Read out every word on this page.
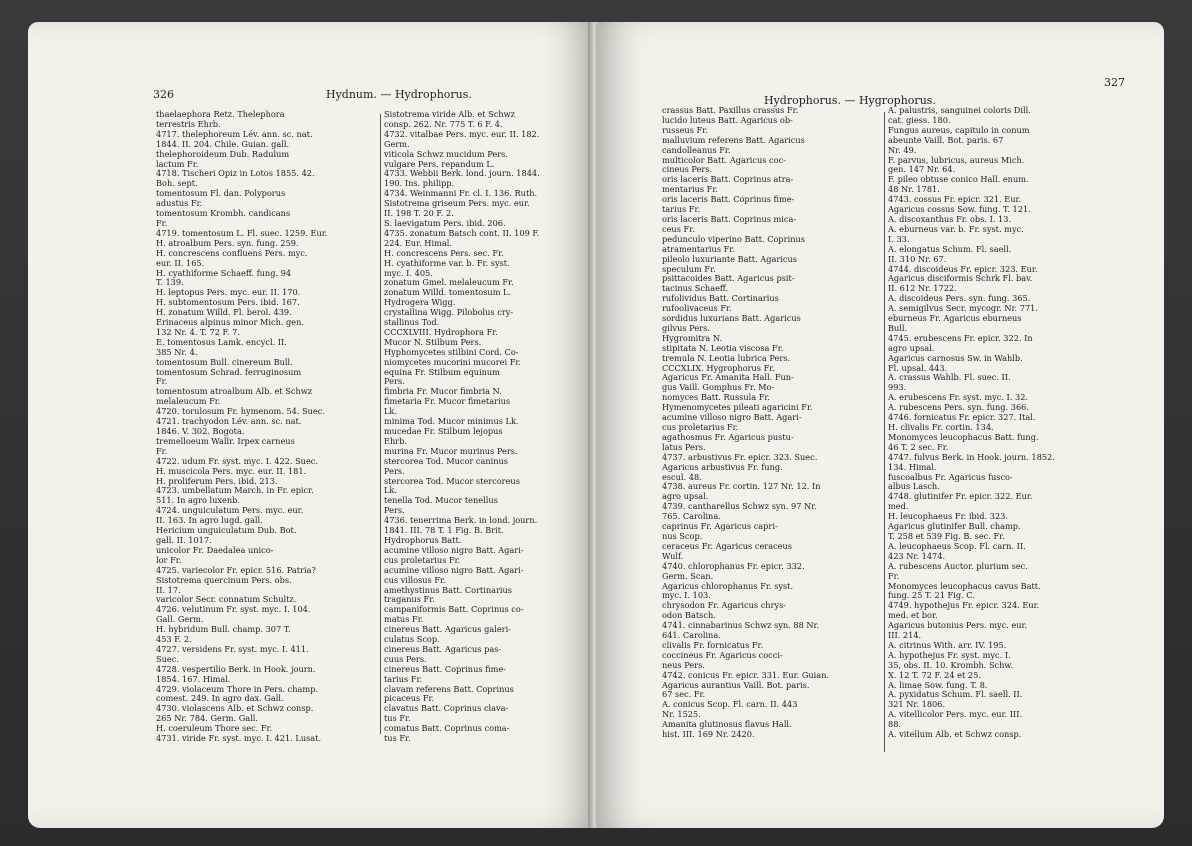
326	Hydnum. — Hydrophorus.
thaelaephora Retz. Thelephora
terrestris Ehrb.
4717. thelephoreum Lév. ann. sc. nat.
1844. II. 204. Chile. Guian. gall.
thelephoroideum Dub. Radulum
lactum Fr.
4718. Tischeri Opiz in Lotos 1855. 42.
Boh. sept.
tomentosum Fl. dan. Polyporus
adustus Fr.
tomentosum Krombh. candicans
Fr.
4719. tomentosum L. Fl. suec. 1259. Eur.
H. atroalbum Pers. syn. fung. 259.
H. concrescens confluens Pers. myc.
eur. II. 165.
H. cyathiforme Schaeff. fung. 94
T. 139.
H. leptopus Pers. myc. eur. II. 170.
H. subtomentosum Pers. ibid. 167.
H. zonatum Willd. Fl. berol. 439.
Erinaceus alpinus minor Mich. gen.
132 Nr. 4. T. 72 F. 7.
E. tomentosus Lamk. encycl. II.
385 Nr. 4.
tomentosum Bull. cinereum Bull.
tomentosum Schrad. ferruginosum
Fr.
tomentosum atroalbum Alb. et Schwz
melaleucum Fr.
4720. torulosum Fr. hymenom. 54. Suec.
4721. trachyodon Lév. ann. sc. nat.
1846. V. 302. Bogota.
tremelloeum Wallr. Irpex carneus
Fr.
4722. udum Fr. syst. myc. I. 422. Suec.
H. muscicola Pers. myc. eur. II. 181.
H. proliferum Pers. ibid. 213.
4723. umbellatum March. in Fr. epicr.
511. In agro luxenb.
4724. unguiculatum Pers. myc. eur.
II. 163. In agro lugd. gall.
Hericium unguiculatum Dub. Bot.
gall. II. 1017.
unicolor Fr. Daedalea unico-
lor Fr.
4725. variecolor Fr. epicr. 516. Patria?
Sistotrema quercinum Pers. obs.
II. 17.
varicolor Secr. connatum Schultz.
4726. velutinum Fr. syst. myc. I. 104.
Gall. Germ.
H. hybridum Bull. champ. 307 T.
453 F. 2.
4727. versidens Fr. syst. myc. I. 411.
Suec.
4728. vespertilio Berk. in Hook. journ.
1854. 167. Himal.
4729. violaceum Thore in Pers. champ.
comest. 249. In agro dax. Gall.
4730. violascens Alb. et Schwz consp.
265 Nr. 784. Germ. Gall.
H. coeruleum Thore sec. Fr.
4731. viride Fr. syst. myc. I. 421. Lusat.
Sistotrema viride Alb. et Schwz
consp. 262. Nr. 775 T. 6 F. 4.
4732. vitalbae Pers. myc. eur. II. 182.
Germ.
viticola Schwz mucidum Pers.
vulgare Pers. repandum L.
4733. Webbii Berk. lond. journ. 1844.
190. Ins. philipp.
4734. Weinmanni Fr. cl. I. 136. Ruth.
Sistotrema griseum Pers. myc. eur.
II. 198 T. 20 F. 2.
S. laevigatum Pers. ibid. 206.
4735. zonatum Batsch cont. II. 109 F.
224. Eur. Himal.
H. concrescens Pers. sec. Fr.
H. cyathiforme var. b. Fr. syst.
myc. I. 405.
zonatum Gmel. melaleucum Fr.
zonatum Willd. tomentosum L.
Hydrogera Wigg.
crystallina Wigg. Pilobolus cry-
stallinus Tod.
CCCXLVIII. Hydrophora Fr.
Mucor N. Stilbum Pers.
Hyphomycetes stilbini Cord. Co-
niomycetes mucorini mucorei Fr.
equina Fr. Stilbum equinum
Pers.
fimbria Fr. Mucor fimbria N.
fimetaria Fr. Mucor fimetarius
Lk.
minima Tod. Mucor minimus Lk.
mucedae Fr. Stilbum lejopus
Ehrb.
murina Fr. Mucor murinus Pers.
stercorea Tod. Mucor caninus
Pers.
stercorea Tod. Mucor stercoreus
Lk.
tenella Tod. Mucor tenellus
Pers.
4736. tenerrima Berk. in lond. journ.
1841. III. 78 T. 1 Fig. B. Brit.
Hydrophorus Batt.
acumine villoso nigro Batt. Agari-
cus proletarius Fr.
acumine villoso nigro Batt. Agari-
cus villosus Fr.
amethystinus Batt. Cortinarius
traganus Fr.
campaniformis Batt. Coprinus co-
matus Fr.
cinereus Batt. Agaricus galeri-
culatus Scop.
cinereus Batt. Agaricus pas-
cuus Pers.
cinereus Batt. Coprinus fime-
tarius Fr.
clavam referens Batt. Coprinus
picaceus Fr.
clavatus Batt. Coprinus clava-
tus Fr.
comatus Batt. Coprinus coma-
tus Fr.
Hydrophorus. — Hygrophorus.
327
crassus Batt. Paxillus crassus Fr.
lucido luteus Batt. Agaricus ob-
russeus Fr.
malluvium referens Batt. Agaricus
candolleanus Fr.
multicolor Batt. Agaricus coc-
cineus Pers.
oris laceris Batt. Coprinus atra-
mentarius Fr.
oris laceris Batt. Coprinus fime-
tarius Fr.
oris laceris Batt. Coprinus mica-
ceus Fr.
pedunculo viperino Batt. Coprinus
atramentarius Fr.
pileolo luxuriante Batt. Agaricus
speculum Fr.
psittacoides Batt. Agaricus psit-
tacinus Schaeff.
rufolividus Batt. Cortinarius
rufoolivaceus Fr.
sordidus luxurians Batt. Agaricus
gilvus Pers.
Hygromitra N.
stipitata N. Leotia viscosa Fr.
tremula N. Leotia lubrica Pers.
CCCXLIX. Hygrophorus Fr.
Agaricus Fr. Amanita Hall. Fun-
gus Vaill. Gomphus Fr. Mo-
nomyces Batt. Russula Fr.
Hymenomycetes pileati agaricini Fr.
acumine villoso nigro Batt. Agari-
cus proletarius Fr.
agathosmus Fr. Agaricus pustu-
latus Pers.
4737. arbustivus Fr. epicr. 323. Suec.
Agaricus arbustivus Fr. fung.
escul. 48.
4738. aureus Fr. cortin. 127 Nr. 12. In
agro upsal.
4739. cantharellus Schwz syn. 97 Nr.
765. Carolina.
caprinus Fr. Agaricus capri-
nus Scop.
ceraceus Fr. Agaricus ceraceus
Wulf.
4740. chlorophanus Fr. epicr. 332.
Germ. Scan.
Agaricus chlorophanus Fr. syst.
myc. I. 103.
chrysodon Fr. Agaricus chrys-
odon Batsch.
4741. cinnabarinus Schwz syn. 88 Nr.
641. Carolina.
clivalis Fr. fornicatus Fr.
coccineus Fr. Agaricus cocci-
neus Pers.
4742. conicus Fr. epicr. 331. Eur. Guian.
Agaricus aurantius Vaill. Bot. paris.
67 sec. Fr.
A. conicus Scop. Fl. carn. II. 443
Nr. 1525.
Amanita glutinosus flavus Hall.
hist. III. 169 Nr. 2420.
A. palustris, sanguinei coloris Dill.
cat. giess. 180.
Fungus aureus, capitulo in conum
abeunte Vaill. Bot. paris. 67
Nr. 49.
F. parvus, lubricus, aureus Mich.
gen. 147 Nr. 64.
F. pileo obtuse conico Hall. enum.
48 Nr. 1781.
4743. cossus Fr. epicr. 321. Eur.
Agaricus cossus Sow. fung. T. 121.
A. discoxanthus Fr. obs. I. 13.
A. eburneus var. b. Fr. syst. myc.
I. 33.
A. elongatus Schum. Fl. saell.
II. 310 Nr. 67.
4744. discoideus Fr. epicr. 323. Eur.
Agaricus disciformis Schrk Fl. bav.
II. 612 Nr. 1722.
A. discoideus Pers. syn. fung. 365.
A. semigilvus Secr. mycogr. Nr. 771.
eburneus Fr. Agaricus eburneus
Bull.
4745. erubescens Fr. epicr. 322. In
agro upsal.
Agaricus carnosus Sw. in Wahlb.
Fl. upsal. 443.
A. crassus Wahlb. Fl. suec. II.
993.
A. erubescens Fr. syst. myc. I. 32.
A. rubescens Pers. syn. fung. 366.
4746. fornicatus Fr. epicr. 327. Ital.
H. clivalis Fr. cortin. 134.
Monomyces leucophacus Batt. fung.
46 T. 2 sec. Fr.
4747. fulvus Berk. in Hook. journ. 1852.
134. Himal.
fuscoalbus Fr. Agaricus fusco-
albus Lasch.
4748. glutinifer Fr. epicr. 322. Eur.
med.
H. leucophaeus Fr. ibid. 323.
Agaricus glutinifer Bull. champ.
T. 258 et 539 Fig. B. sec. Fr.
A. leucophaeus Scop. Fl. carn. II.
423 Nr. 1474.
A. rubescens Auctor. plurium sec.
Fr.
Monomyces leucophacus cavus Batt.
fung. 25 T. 21 Fig. C.
4749. hypothejus Fr. epicr. 324. Eur.
med. et bor.
Agaricus butonius Pers. myc. eur.
III. 214.
A. citrinus With. arr. IV. 195.
A. hypothejus Fr. syst. myc. I.
35, obs. II. 10. Krombh. Schw.
X. 12 T. 72 F. 24 et 25.
A. limae Sow. fung. T. 8.
A. pyxidatus Schum. Fl. saell. II.
321 Nr. 1806.
A. vitellicolor Pers. myc. eur. III.
88.
A. vitellum Alb. et Schwz consp.
